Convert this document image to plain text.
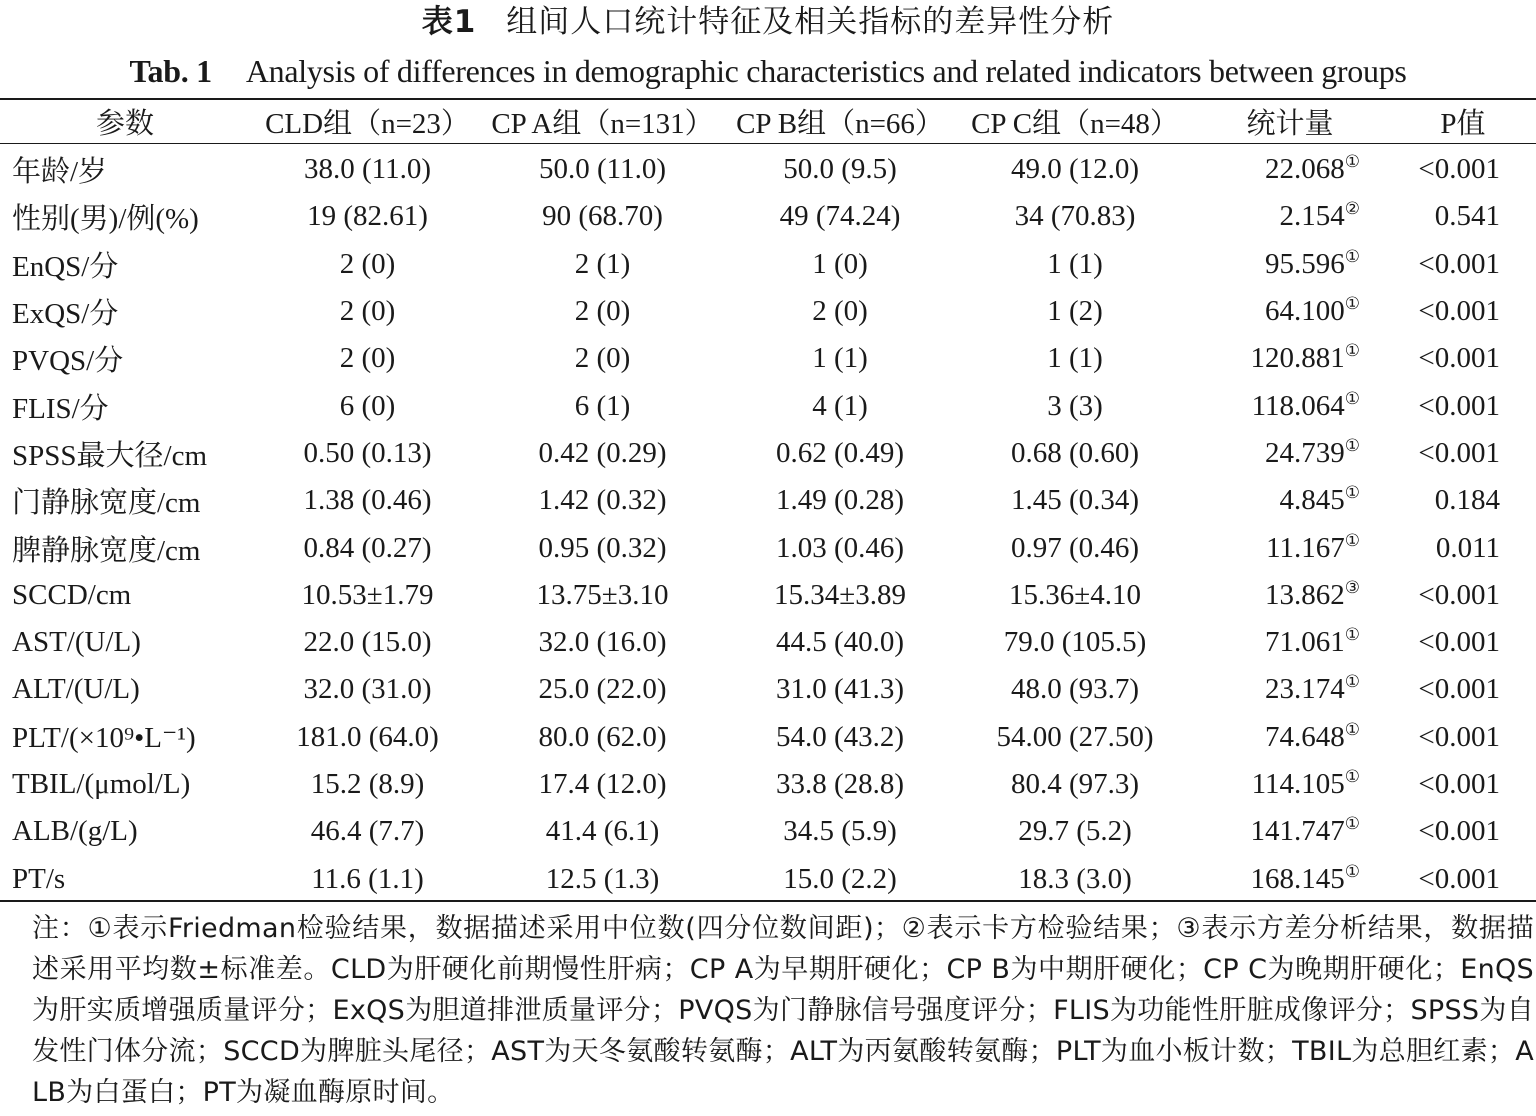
表1 组间人口统计特征及相关指标的差异性分析
Tab. 1 Analysis of differences in demographic characteristics and related indicators between groups
参数	CLD组（n=23）	CP A组（n=131）	CP B组（n=66）	CP C组（n=48）	统计量	P值
年龄/岁	38.0 (11.0)	50.0 (11.0)	50.0 (9.5)	49.0 (12.0)	22.068①	<0.001
性别(男)/例(%)	19 (82.61)	90 (68.70)	49 (74.24)	34 (70.83)	2.154②	0.541
EnQS/分	2 (0)	2 (1)	1 (0)	1 (1)	95.596①	<0.001
ExQS/分	2 (0)	2 (0)	2 (0)	1 (2)	64.100①	<0.001
PVQS/分	2 (0)	2 (0)	1 (1)	1 (1)	120.881①	<0.001
FLIS/分	6 (0)	6 (1)	4 (1)	3 (3)	118.064①	<0.001
SPSS最大径/cm	0.50 (0.13)	0.42 (0.29)	0.62 (0.49)	0.68 (0.60)	24.739①	<0.001
门静脉宽度/cm	1.38 (0.46)	1.42 (0.32)	1.49 (0.28)	1.45 (0.34)	4.845①	0.184
脾静脉宽度/cm	0.84 (0.27)	0.95 (0.32)	1.03 (0.46)	0.97 (0.46)	11.167①	0.011
SCCD/cm	10.53±1.79	13.75±3.10	15.34±3.89	15.36±4.10	13.862③	<0.001
AST/(U/L)	22.0 (15.0)	32.0 (16.0)	44.5 (40.0)	79.0 (105.5)	71.061①	<0.001
ALT/(U/L)	32.0 (31.0)	25.0 (22.0)	31.0 (41.3)	48.0 (93.7)	23.174①	<0.001
PLT/(×10⁹•L⁻¹)	181.0 (64.0)	80.0 (62.0)	54.0 (43.2)	54.00 (27.50)	74.648①	<0.001
TBIL/(μmol/L)	15.2 (8.9)	17.4 (12.0)	33.8 (28.8)	80.4 (97.3)	114.105①	<0.001
ALB/(g/L)	46.4 (7.7)	41.4 (6.1)	34.5 (5.9)	29.7 (5.2)	141.747①	<0.001
PT/s	11.6 (1.1)	12.5 (1.3)	15.0 (2.2)	18.3 (3.0)	168.145①	<0.001
注：①表示Friedman检验结果，数据描述采用中位数(四分位数间距)；②表示卡方检验结果；③表示方差分析结果，数据描述采用平均数±标准差。CLD为肝硬化前期慢性肝病；CP A为早期肝硬化；CP B为中期肝硬化；CP C为晚期肝硬化；EnQS为肝实质增强质量评分；ExQS为胆道排泄质量评分；PVQS为门静脉信号强度评分；FLIS为功能性肝脏成像评分；SPSS为自发性门体分流；SCCD为脾脏头尾径；AST为天冬氨酸转氨酶；ALT为丙氨酸转氨酶；PLT为血小板计数；TBIL为总胆红素；ALB为白蛋白；PT为凝血酶原时间。
